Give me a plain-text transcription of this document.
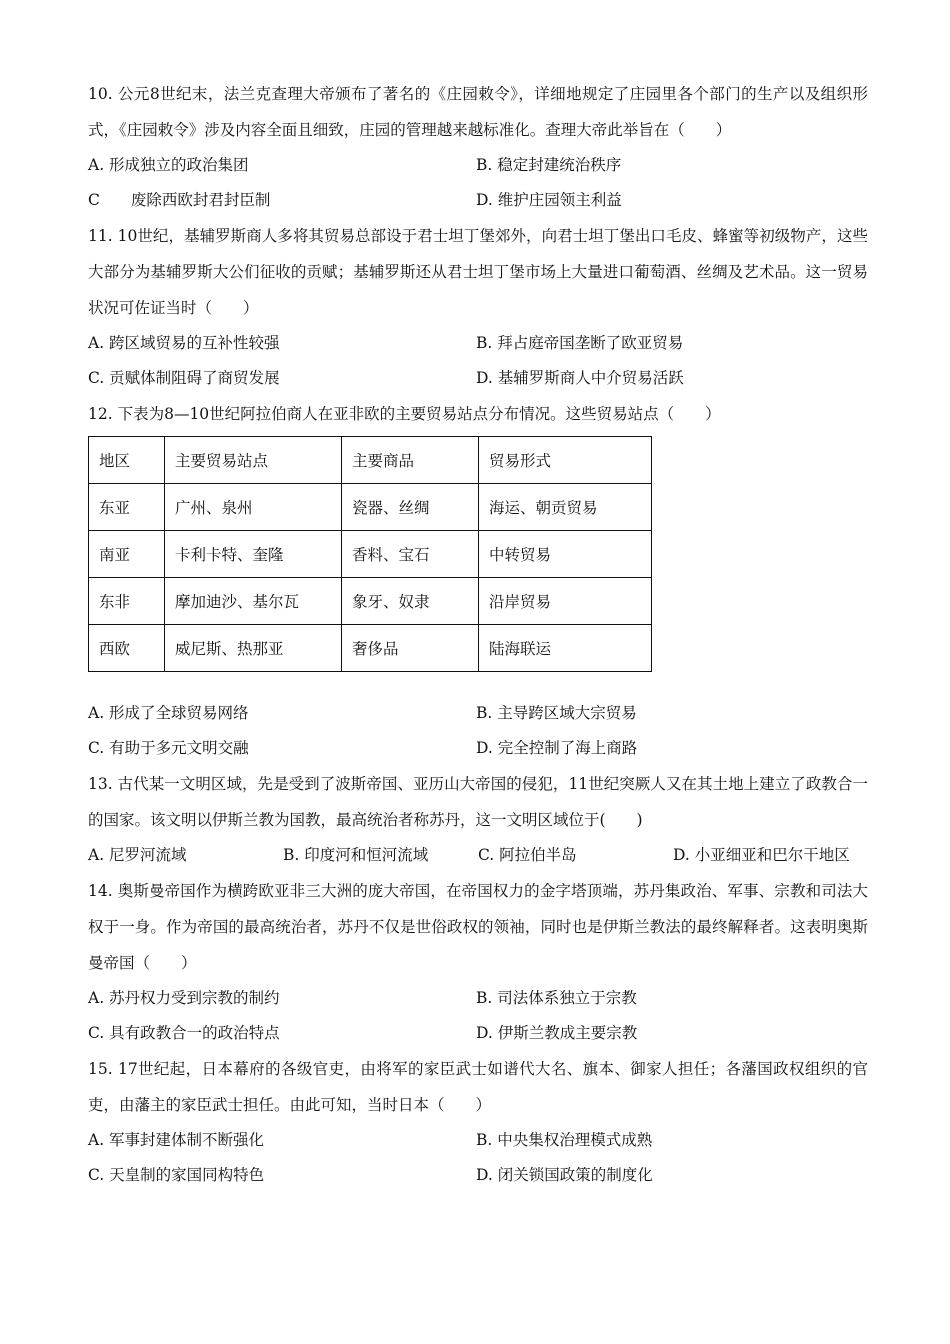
10. 公元8世纪末，法兰克查理大帝颁布了著名的《庄园敕令》，详细地规定了庄园里各个部门的生产以及组织形式，《庄园敕令》涉及内容全面且细致，庄园的管理越来越标准化。查理大帝此举旨在（　　）

A. 形成独立的政治集团	B. 稳定封建统治秩序
C　　废除西欧封君封臣制	D. 维护庄园领主利益

11. 10世纪，基辅罗斯商人多将其贸易总部设于君士坦丁堡郊外，向君士坦丁堡出口毛皮、蜂蜜等初级物产，这些大部分为基辅罗斯大公们征收的贡赋；基辅罗斯还从君士坦丁堡市场上大量进口葡萄酒、丝绸及艺术品。这一贸易状况可佐证当时（　　）

A. 跨区域贸易的互补性较强	B. 拜占庭帝国垄断了欧亚贸易
C. 贡赋体制阻碍了商贸发展	D. 基辅罗斯商人中介贸易活跃

12. 下表为8—10世纪阿拉伯商人在亚非欧的主要贸易站点分布情况。这些贸易站点（　　）

地区	主要贸易站点	主要商品	贸易形式
东亚	广州、泉州	瓷器、丝绸	海运、朝贡贸易
南亚	卡利卡特、奎隆	香料、宝石	中转贸易
东非	摩加迪沙、基尔瓦	象牙、奴隶	沿岸贸易
西欧	威尼斯、热那亚	奢侈品	陆海联运
A. 形成了全球贸易网络	B. 主导跨区域大宗贸易
C. 有助于多元文明交融	D. 完全控制了海上商路

13. 古代某一文明区域，先是受到了波斯帝国、亚历山大帝国的侵犯，11世纪突厥人又在其土地上建立了政教合一的国家。该文明以伊斯兰教为国教，最高统治者称苏丹，这一文明区域位于(　　)

A. 尼罗河流域	B. 印度河和恒河流域	C. 阿拉伯半岛	D. 小亚细亚和巴尔干地区

14. 奥斯曼帝国作为横跨欧亚非三大洲的庞大帝国，在帝国权力的金字塔顶端，苏丹集政治、军事、宗教和司法大权于一身。作为帝国的最高统治者，苏丹不仅是世俗政权的领袖，同时也是伊斯兰教法的最终解释者。这表明奥斯曼帝国（　　）

A. 苏丹权力受到宗教的制约	B. 司法体系独立于宗教
C. 具有政教合一的政治特点	D. 伊斯兰教成主要宗教

15. 17世纪起，日本幕府的各级官吏，由将军的家臣武士如谱代大名、旗本、御家人担任；各藩国政权组织的官吏，由藩主的家臣武士担任。由此可知，当时日本（　　）

A. 军事封建体制不断强化	B. 中央集权治理模式成熟
C. 天皇制的家国同构特色	D. 闭关锁国政策的制度化
